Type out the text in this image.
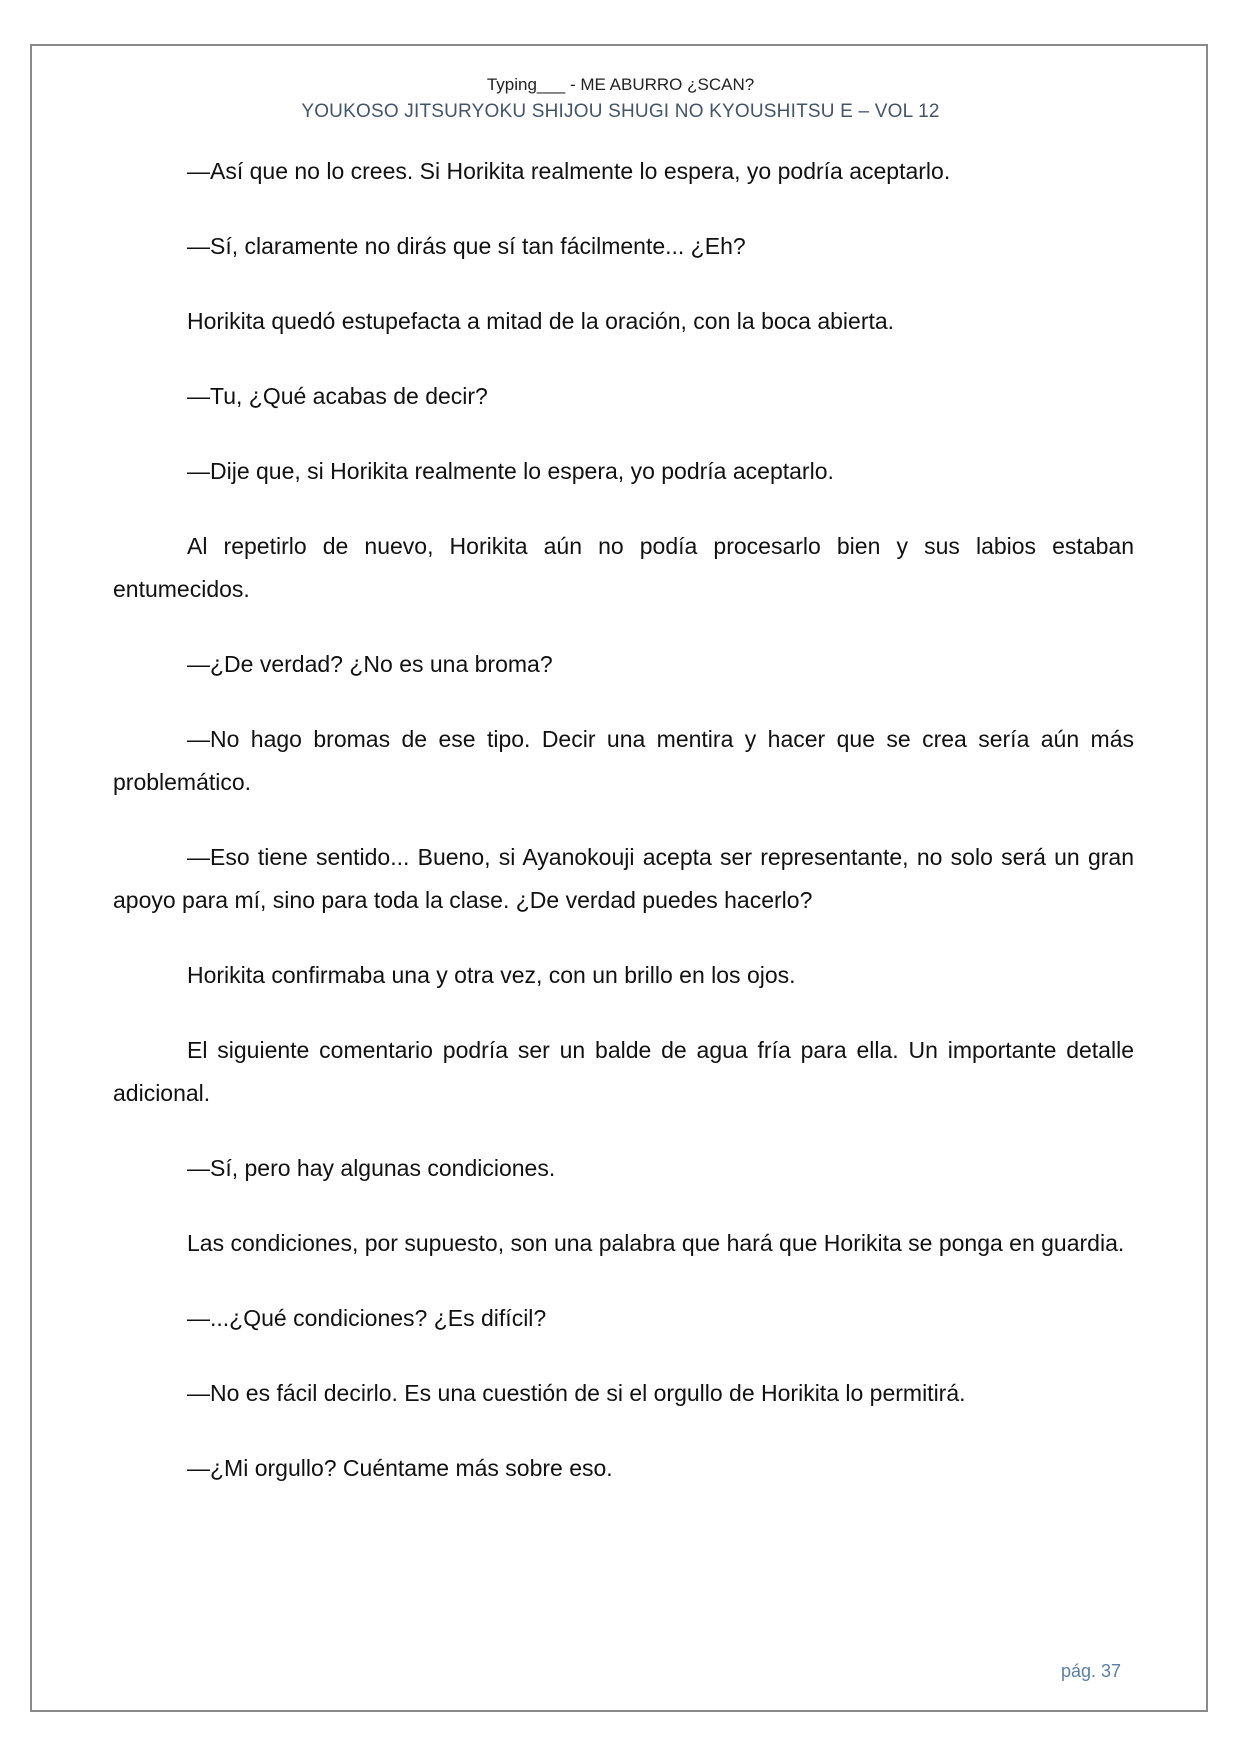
Typing___ - ME ABURRO ¿SCAN?
YOUKOSO JITSURYOKU SHIJOU SHUGI NO KYOUSHITSU E – VOL 12

—Así que no lo crees. Si Horikita realmente lo espera, yo podría aceptarlo.

—Sí, claramente no dirás que sí tan fácilmente... ¿Eh?

Horikita quedó estupefacta a mitad de la oración, con la boca abierta.

—Tu, ¿Qué acabas de decir?

—Dije que, si Horikita realmente lo espera, yo podría aceptarlo.

Al repetirlo de nuevo, Horikita aún no podía procesarlo bien y sus labios estaban entumecidos.

—¿De verdad? ¿No es una broma?

—No hago bromas de ese tipo. Decir una mentira y hacer que se crea sería aún más problemático.

—Eso tiene sentido... Bueno, si Ayanokouji acepta ser representante, no solo será un gran apoyo para mí, sino para toda la clase. ¿De verdad puedes hacerlo?

Horikita confirmaba una y otra vez, con un brillo en los ojos.

El siguiente comentario podría ser un balde de agua fría para ella. Un importante detalle adicional.

—Sí, pero hay algunas condiciones.

Las condiciones, por supuesto, son una palabra que hará que Horikita se ponga en guardia.

—...¿Qué condiciones? ¿Es difícil?

—No es fácil decirlo. Es una cuestión de si el orgullo de Horikita lo permitirá.

—¿Mi orgullo? Cuéntame más sobre eso.

pág. 37
